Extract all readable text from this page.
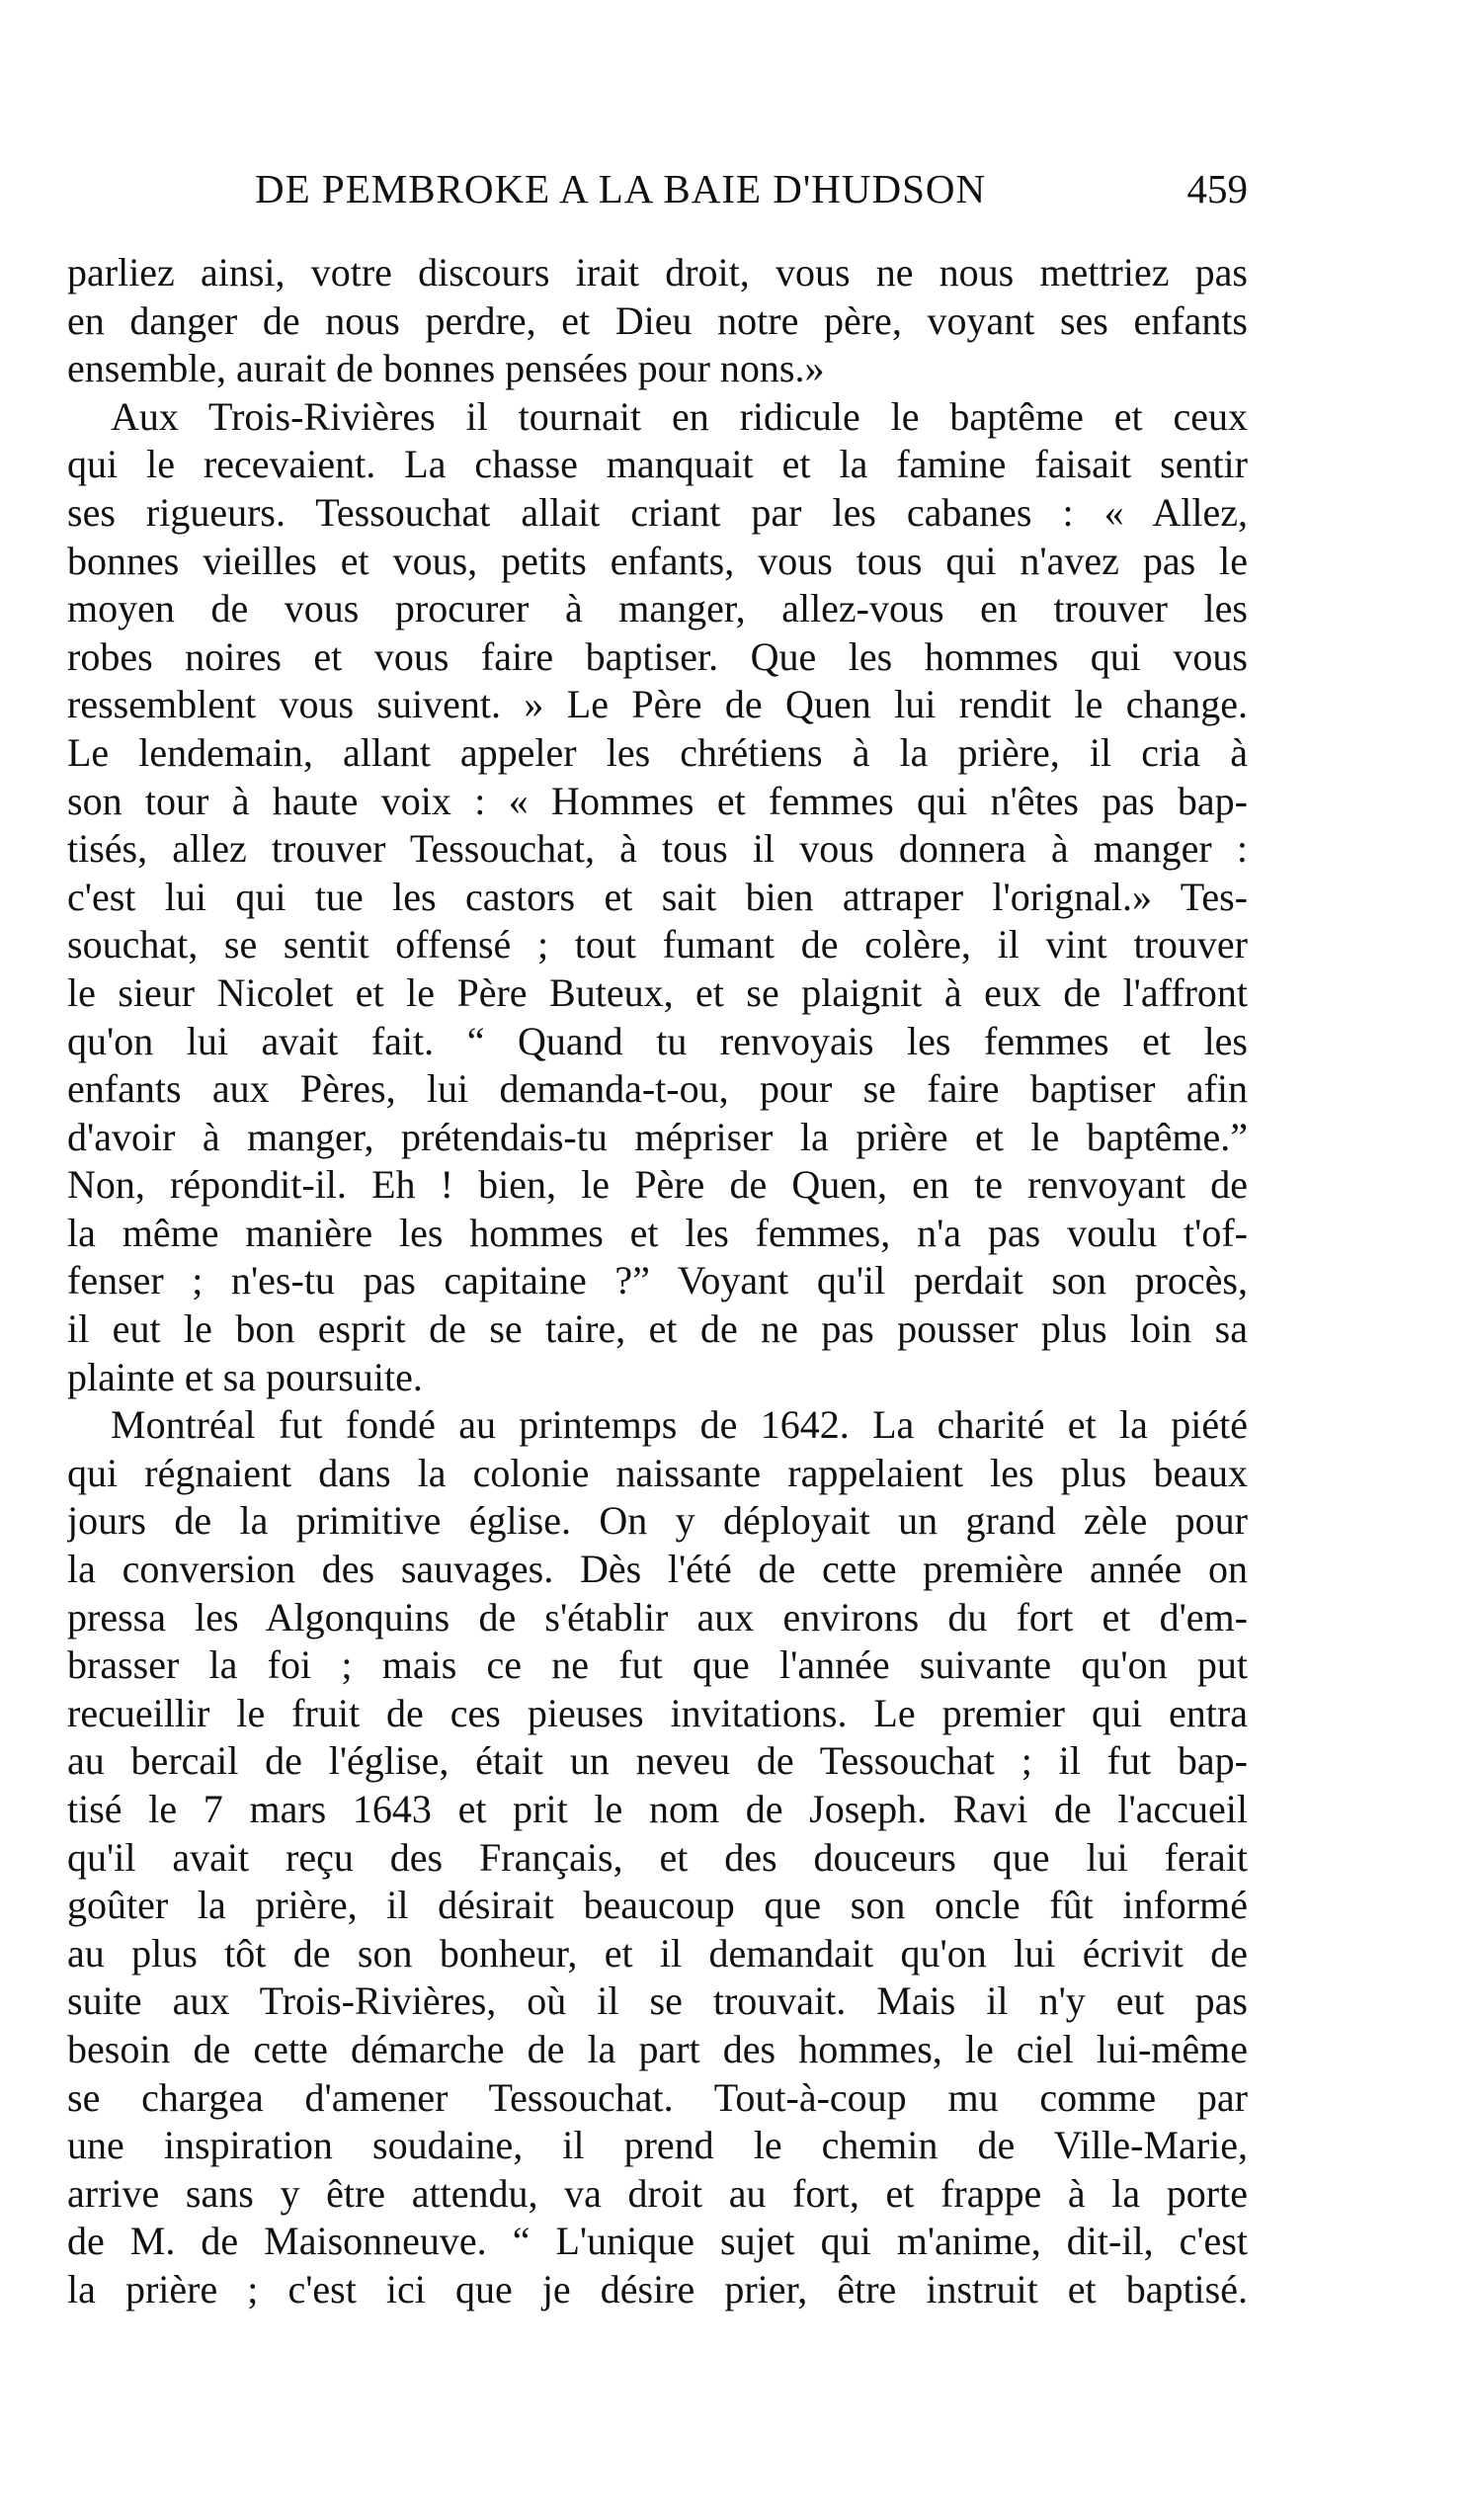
DE PEMBROKE A LA BAIE D'HUDSON	459
parliez ainsi, votre discours irait droit, vous ne nous mettriez pas
en danger de nous perdre, et Dieu notre père, voyant ses enfants
ensemble, aurait de bonnes pensées pour nons.»
Aux Trois-Rivières il tournait en ridicule le baptême et ceux
qui le recevaient. La chasse manquait et la famine faisait sentir
ses rigueurs. Tessouchat allait criant par les cabanes : « Allez,
bonnes vieilles et vous, petits enfants, vous tous qui n'avez pas le
moyen de vous procurer à manger, allez-vous en trouver les
robes noires et vous faire baptiser. Que les hommes qui vous
ressemblent vous suivent. » Le Père de Quen lui rendit le change.
Le lendemain, allant appeler les chrétiens à la prière, il cria à
son tour à haute voix : « Hommes et femmes qui n'êtes pas bap-
tisés, allez trouver Tessouchat, à tous il vous donnera à manger :
c'est lui qui tue les castors et sait bien attraper l'orignal.» Tes-
souchat, se sentit offensé ; tout fumant de colère, il vint trouver
le sieur Nicolet et le Père Buteux, et se plaignit à eux de l'affront
qu'on lui avait fait. “ Quand tu renvoyais les femmes et les
enfants aux Pères, lui demanda-t-ou, pour se faire baptiser afin
d'avoir à manger, prétendais-tu mépriser la prière et le baptême.”
Non, répondit-il. Eh ! bien, le Père de Quen, en te renvoyant de
la même manière les hommes et les femmes, n'a pas voulu t'of-
fenser ; n'es-tu pas capitaine ?” Voyant qu'il perdait son procès,
il eut le bon esprit de se taire, et de ne pas pousser plus loin sa
plainte et sa poursuite.
Montréal fut fondé au printemps de 1642. La charité et la piété
qui régnaient dans la colonie naissante rappelaient les plus beaux
jours de la primitive église. On y déployait un grand zèle pour
la conversion des sauvages. Dès l'été de cette première année on
pressa les Algonquins de s'établir aux environs du fort et d'em-
brasser la foi ; mais ce ne fut que l'année suivante qu'on put
recueillir le fruit de ces pieuses invitations. Le premier qui entra
au bercail de l'église, était un neveu de Tessouchat ; il fut bap-
tisé le 7 mars 1643 et prit le nom de Joseph. Ravi de l'accueil
qu'il avait reçu des Français, et des douceurs que lui ferait
goûter la prière, il désirait beaucoup que son oncle fût informé
au plus tôt de son bonheur, et il demandait qu'on lui écrivit de
suite aux Trois-Rivières, où il se trouvait. Mais il n'y eut pas
besoin de cette démarche de la part des hommes, le ciel lui-même
se chargea d'amener Tessouchat. Tout-à-coup mu comme par
une inspiration soudaine, il prend le chemin de Ville-Marie,
arrive sans y être attendu, va droit au fort, et frappe à la porte
de M. de Maisonneuve. “ L'unique sujet qui m'anime, dit-il, c'est
la prière ; c'est ici que je désire prier, être instruit et baptisé.
